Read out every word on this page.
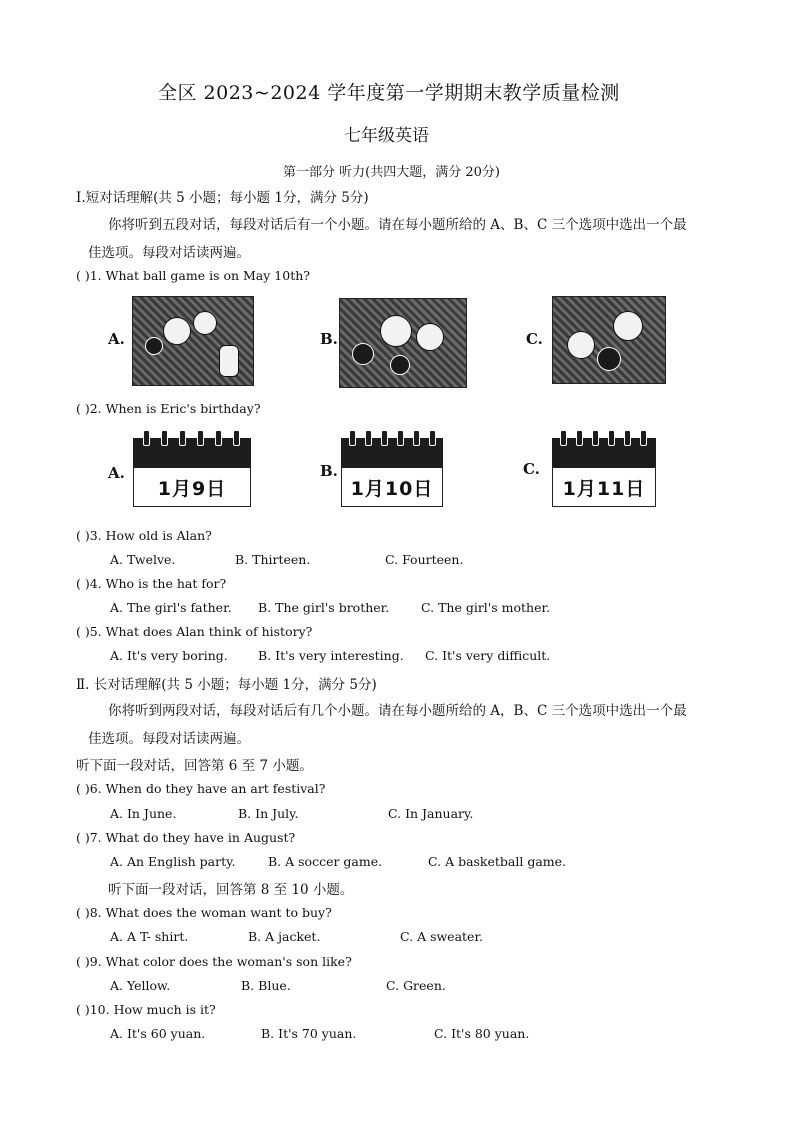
全区 2023~2024 学年度第一学期期末教学质量检测
七年级英语
第一部分 听力(共四大题，满分 20分)
Ⅰ.短对话理解(共 5 小题；每小题 1分，满分 5分)
你将听到五段对话，每段对话后有一个小题。请在每小题所给的 A、B、C 三个选项中选出一个最
佳选项。每段对话读两遍。
( )1. What ball game is on May 10th?
A.	B.	C.
( )2. When is Eric's birthday?
A.
1月9日
B.
1月10日
C.
1月11日
( )3. How old is Alan?
A. Twelve.	B. Thirteen.	C. Fourteen.
( )4. Who is the hat for?
A. The girl's father. B. The girl's brother.	C. The girl's mother.
( )5. What does Alan think of history?
A. It's very boring. B. It's very interesting. C. It's very difficult.
Ⅱ. 长对话理解(共 5 小题；每小题 1分，满分 5分)
你将听到两段对话，每段对话后有几个小题。请在每小题所给的 A，B、C 三个选项中选出一个最
佳选项。每段对话读两遍。
听下面一段对话，回答第 6 至 7 小题。
( )6. When do they have an art festival?
A. In June.	B. In July.	C. In January.
( )7. What do they have in August?
A. An English party.	B. A soccer game.	C. A basketball game.
听下面一段对话，回答第 8 至 10 小题。
( )8. What does the woman want to buy?
A. A T- shirt.	B. A jacket.	C. A sweater.
( )9. What color does the woman's son like?
A. Yellow.	B. Blue.	C. Green.
( )10. How much is it?
A. It's 60 yuan.	B. It's 70 yuan.	C. It's 80 yuan.
